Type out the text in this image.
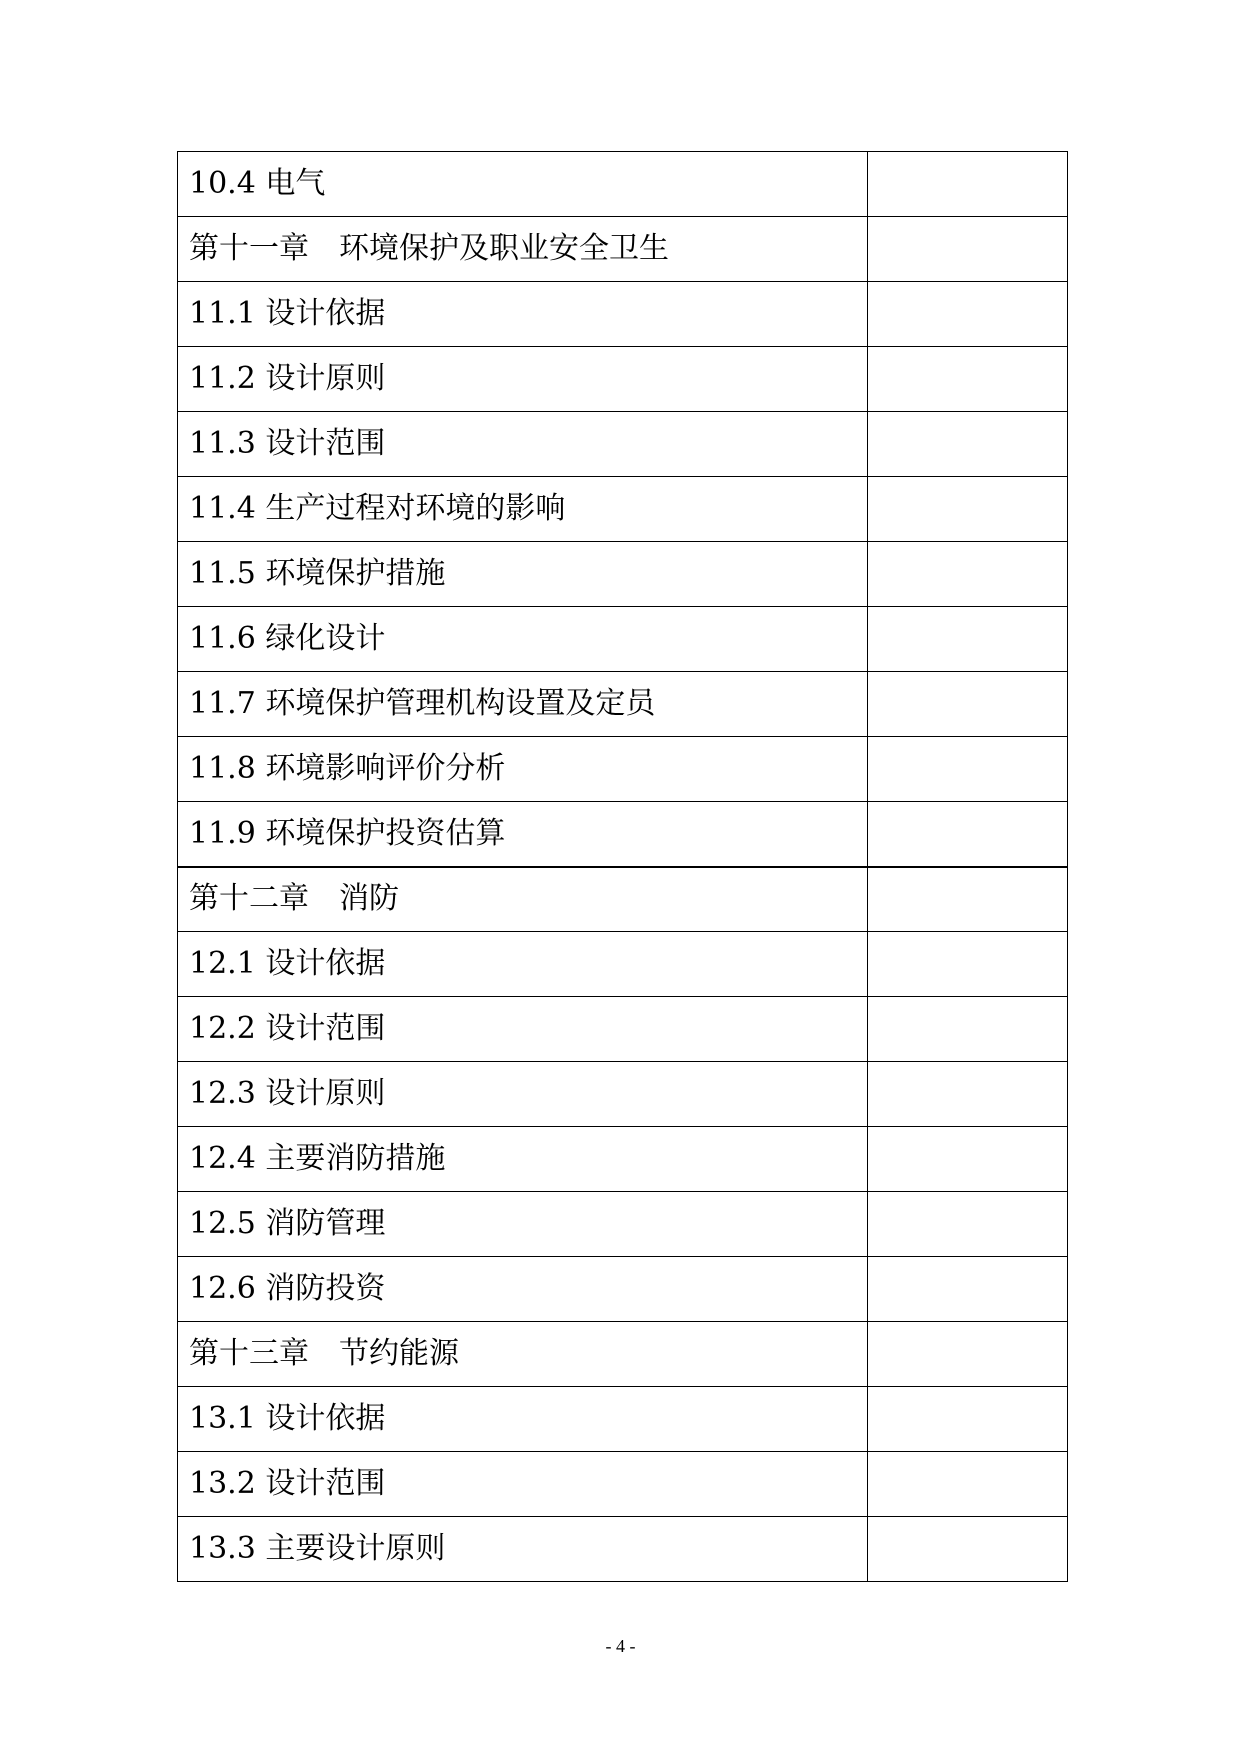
10.4 电气	
第十一章　环境保护及职业安全卫生	
11.1 设计依据	
11.2 设计原则	
11.3 设计范围	
11.4 生产过程对环境的影响	
11.5 环境保护措施	
11.6 绿化设计	
11.7 环境保护管理机构设置及定员	
11.8 环境影响评价分析	
11.9 环境保护投资估算	
第十二章　消防	
12.1 设计依据	
12.2 设计范围	
12.3 设计原则	
12.4 主要消防措施	
12.5 消防管理	
12.6 消防投资	
第十三章　节约能源	
13.1 设计依据	
13.2 设计范围	
13.3 主要设计原则	
- 4 -
